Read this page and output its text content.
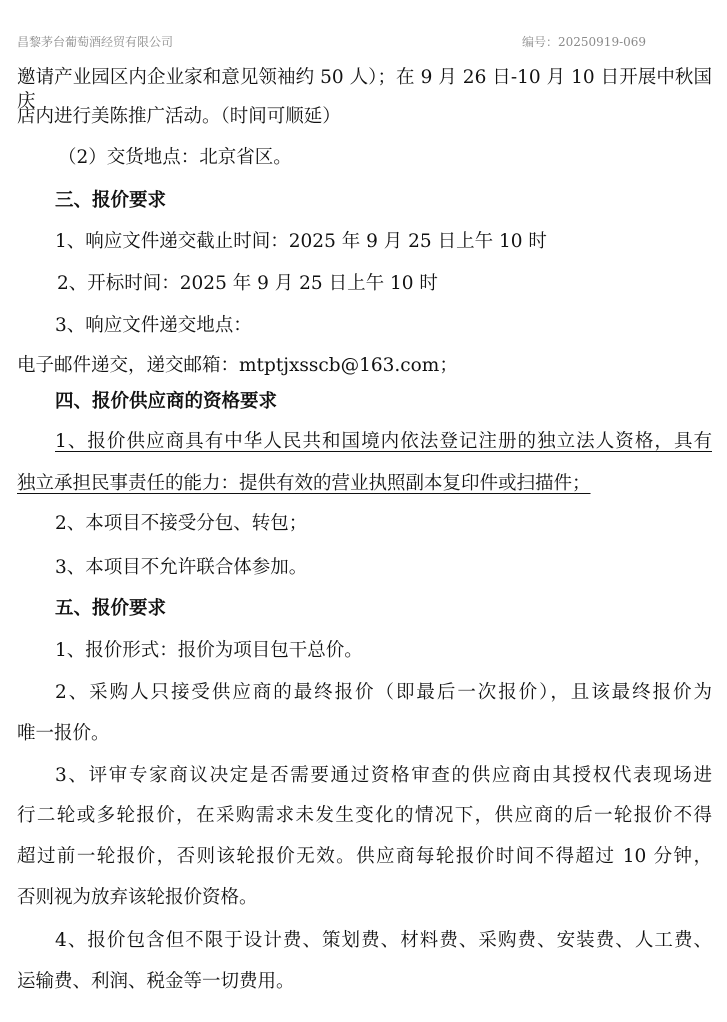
昌黎茅台葡萄酒经贸有限公司	编号：20250919-069
邀请产业园区内企业家和意见领袖约 50 人）；在 9 月 26 日-10 月 10 日开展中秋国庆
店内进行美陈推广活动。（时间可顺延）
（2）交货地点：北京省区。
三、报价要求
1、响应文件递交截止时间：2025 年 9 月 25 日上午 10 时
2、开标时间：2025 年 9 月 25 日上午 10 时
3、响应文件递交地点：
电子邮件递交，递交邮箱：mtptjxsscb@163.com；
四、报价供应商的资格要求
1、报价供应商具有中华人民共和国境内依法登记注册的独立法人资格，具有
独立承担民事责任的能力：提供有效的营业执照副本复印件或扫描件；
2、本项目不接受分包、转包；
3、本项目不允许联合体参加。
五、报价要求
1、报价形式：报价为项目包干总价。
2、采购人只接受供应商的最终报价（即最后一次报价），且该最终报价为
唯一报价。
3、评审专家商议决定是否需要通过资格审查的供应商由其授权代表现场进
行二轮或多轮报价，在采购需求未发生变化的情况下，供应商的后一轮报价不得
超过前一轮报价，否则该轮报价无效。供应商每轮报价时间不得超过 10 分钟，
否则视为放弃该轮报价资格。
4、报价包含但不限于设计费、策划费、材料费、采购费、安装费、人工费、
运输费、利润、税金等一切费用。
